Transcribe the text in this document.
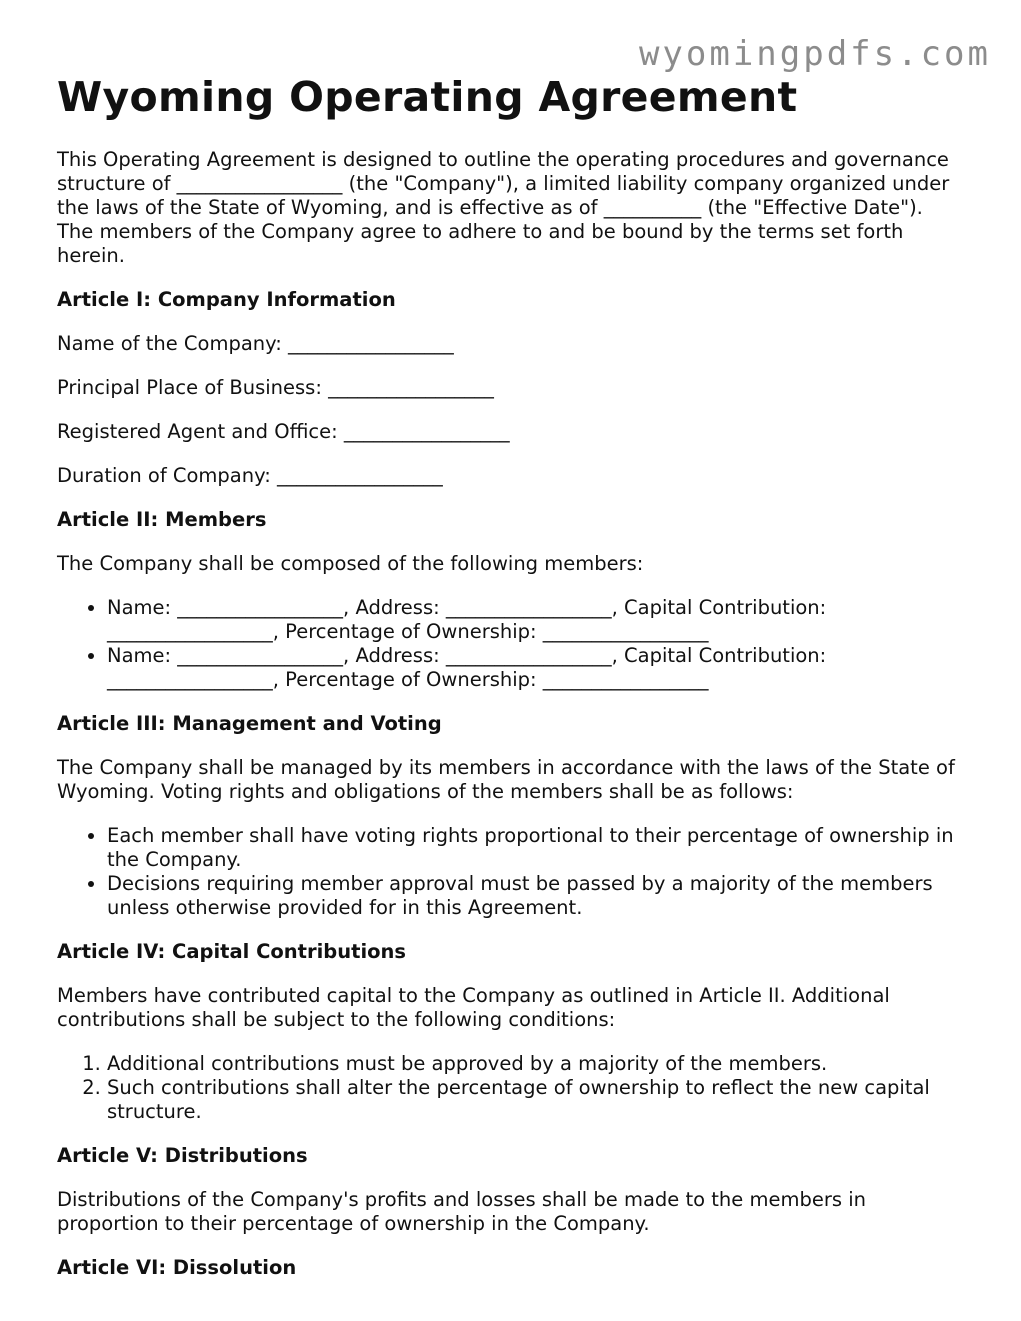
wyomingpdfs.com
Wyoming Operating Agreement

This Operating Agreement is designed to outline the operating procedures and governance structure of _________________ (the "Company"), a limited liability company organized under the laws of the State of Wyoming, and is effective as of __________ (the "Effective Date"). The members of the Company agree to adhere to and be bound by the terms set forth herein.

Article I: Company Information

Name of the Company: _________________

Principal Place of Business: _________________

Registered Agent and Office: _________________

Duration of Company: _________________

Article II: Members

The Company shall be composed of the following members:

• Name: _________________, Address: _________________, Capital Contribution: _________________, Percentage of Ownership: _________________
• Name: _________________, Address: _________________, Capital Contribution: _________________, Percentage of Ownership: _________________
Article III: Management and Voting

The Company shall be managed by its members in accordance with the laws of the State of Wyoming. Voting rights and obligations of the members shall be as follows:

• Each member shall have voting rights proportional to their percentage of ownership in the Company.
• Decisions requiring member approval must be passed by a majority of the members unless otherwise provided for in this Agreement.
Article IV: Capital Contributions

Members have contributed capital to the Company as outlined in Article II. Additional contributions shall be subject to the following conditions:

1. Additional contributions must be approved by a majority of the members.
2. Such contributions shall alter the percentage of ownership to reflect the new capital structure.
Article V: Distributions

Distributions of the Company's profits and losses shall be made to the members in proportion to their percentage of ownership in the Company.

Article VI: Dissolution
